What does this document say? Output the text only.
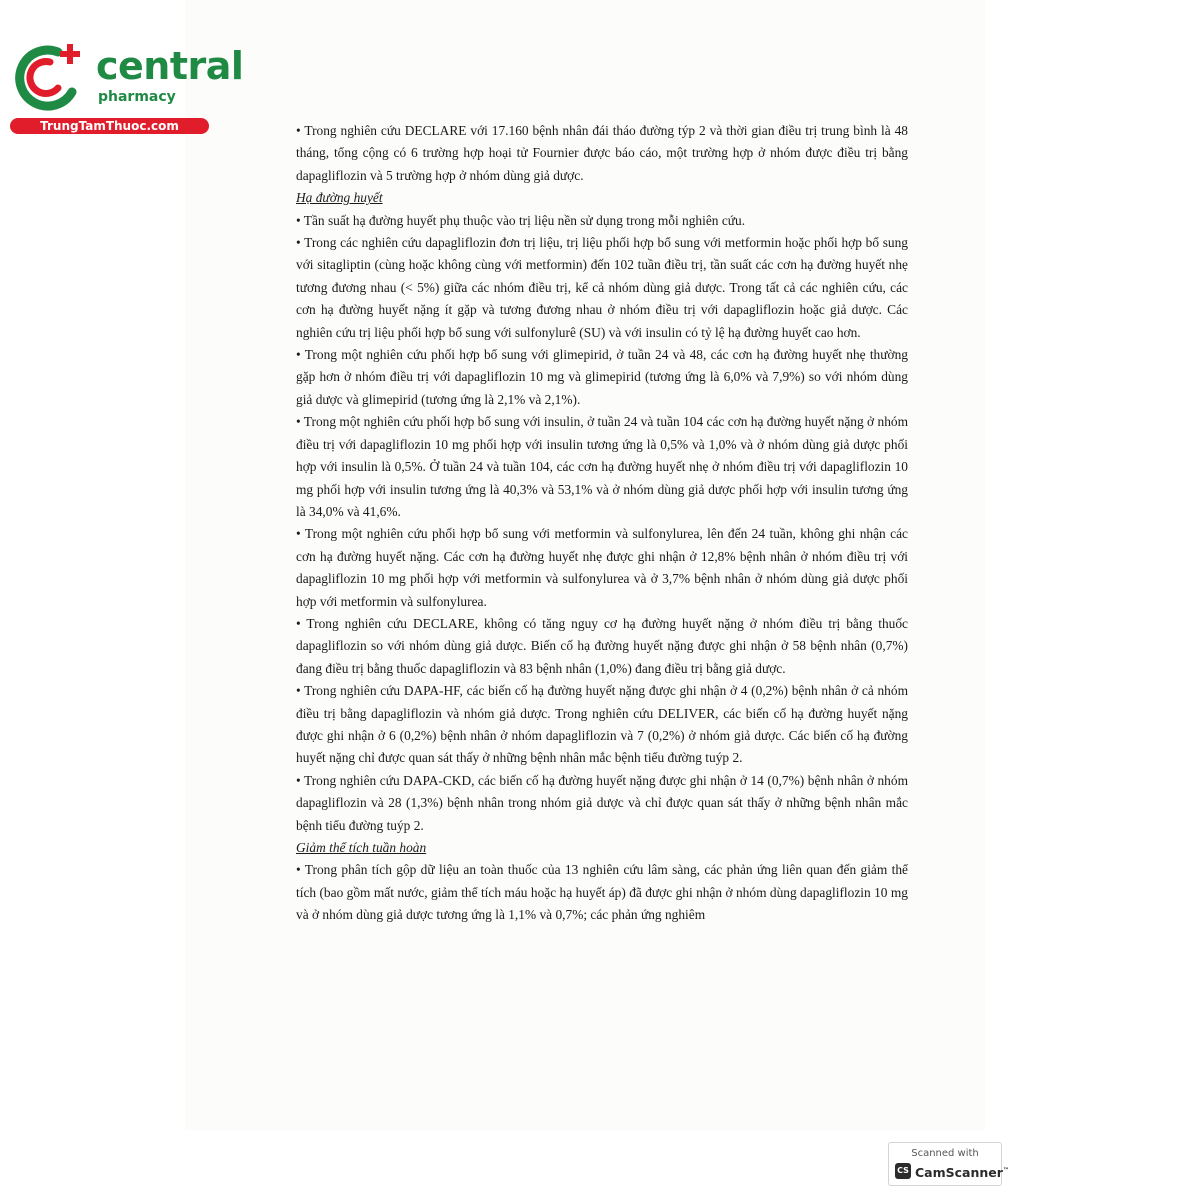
central
pharmacy
TrungTamThuoc.com	• Trong nghiên cứu DECLARE với 17.160 bệnh nhân đái tháo đường týp 2 và thời gian điều trị trung bình là 48 tháng, tổng cộng có 6 trường hợp hoại tử Fournier được báo cáo, một trường hợp ở nhóm được điều trị bằng dapagliflozin và 5 trường hợp ở nhóm dùng giả dược.

Hạ đường huyết

• Tần suất hạ đường huyết phụ thuộc vào trị liệu nền sử dụng trong mỗi nghiên cứu.

• Trong các nghiên cứu dapagliflozin đơn trị liệu, trị liệu phối hợp bổ sung với metformin hoặc phối hợp bổ sung với sitagliptin (cùng hoặc không cùng với metformin) đến 102 tuần điều trị, tần suất các cơn hạ đường huyết nhẹ tương đương nhau (< 5%) giữa các nhóm điều trị, kể cả nhóm dùng giả dược. Trong tất cả các nghiên cứu, các cơn hạ đường huyết nặng ít gặp và tương đương nhau ở nhóm điều trị với dapagliflozin hoặc giả dược. Các nghiên cứu trị liệu phối hợp bổ sung với sulfonylurê (SU) và với insulin có tỷ lệ hạ đường huyết cao hơn.

• Trong một nghiên cứu phối hợp bổ sung với glimepirid, ở tuần 24 và 48, các cơn hạ đường huyết nhẹ thường gặp hơn ở nhóm điều trị với dapagliflozin 10 mg và glimepirid (tương ứng là 6,0% và 7,9%) so với nhóm dùng giả dược và glimepirid (tương ứng là 2,1% và 2,1%).

• Trong một nghiên cứu phối hợp bổ sung với insulin, ở tuần 24 và tuần 104 các cơn hạ đường huyết nặng ở nhóm điều trị với dapagliflozin 10 mg phối hợp với insulin tương ứng là 0,5% và 1,0% và ở nhóm dùng giả dược phối hợp với insulin là 0,5%. Ở tuần 24 và tuần 104, các cơn hạ đường huyết nhẹ ở nhóm điều trị với dapagliflozin 10 mg phối hợp với insulin tương ứng là 40,3% và 53,1% và ở nhóm dùng giả dược phối hợp với insulin tương ứng là 34,0% và 41,6%.

• Trong một nghiên cứu phối hợp bổ sung với metformin và sulfonylurea, lên đến 24 tuần, không ghi nhận các cơn hạ đường huyết nặng. Các cơn hạ đường huyết nhẹ được ghi nhận ở 12,8% bệnh nhân ở nhóm điều trị với dapagliflozin 10 mg phối hợp với metformin và sulfonylurea và ở 3,7% bệnh nhân ở nhóm dùng giả dược phối hợp với metformin và sulfonylurea.

• Trong nghiên cứu DECLARE, không có tăng nguy cơ hạ đường huyết nặng ở nhóm điều trị bằng thuốc dapagliflozin so với nhóm dùng giả dược. Biến cố hạ đường huyết nặng được ghi nhận ở 58 bệnh nhân (0,7%) đang điều trị bằng thuốc dapagliflozin và 83 bệnh nhân (1,0%) đang điều trị bằng giả dược.

• Trong nghiên cứu DAPA-HF, các biến cố hạ đường huyết nặng được ghi nhận ở 4 (0,2%) bệnh nhân ở cả nhóm điều trị bằng dapagliflozin và nhóm giả dược. Trong nghiên cứu DELIVER, các biến cố hạ đường huyết nặng được ghi nhận ở 6 (0,2%) bệnh nhân ở nhóm dapagliflozin và 7 (0,2%) ở nhóm giả dược. Các biến cố hạ đường huyết nặng chỉ được quan sát thấy ở những bệnh nhân mắc bệnh tiểu đường tuýp 2.

• Trong nghiên cứu DAPA-CKD, các biến cố hạ đường huyết nặng được ghi nhận ở 14 (0,7%) bệnh nhân ở nhóm dapagliflozin và 28 (1,3%) bệnh nhân trong nhóm giả dược và chỉ được quan sát thấy ở những bệnh nhân mắc bệnh tiểu đường tuýp 2.

Giảm thể tích tuần hoàn

• Trong phân tích gộp dữ liệu an toàn thuốc của 13 nghiên cứu lâm sàng, các phản ứng liên quan đến giảm thể tích (bao gồm mất nước, giảm thể tích máu hoặc hạ huyết áp) đã được ghi nhận ở nhóm dùng dapagliflozin 10 mg và ở nhóm dùng giả dược tương ứng là 1,1% và 0,7%; các phản ứng nghiêm

Scanned with
CS CamScanner™
